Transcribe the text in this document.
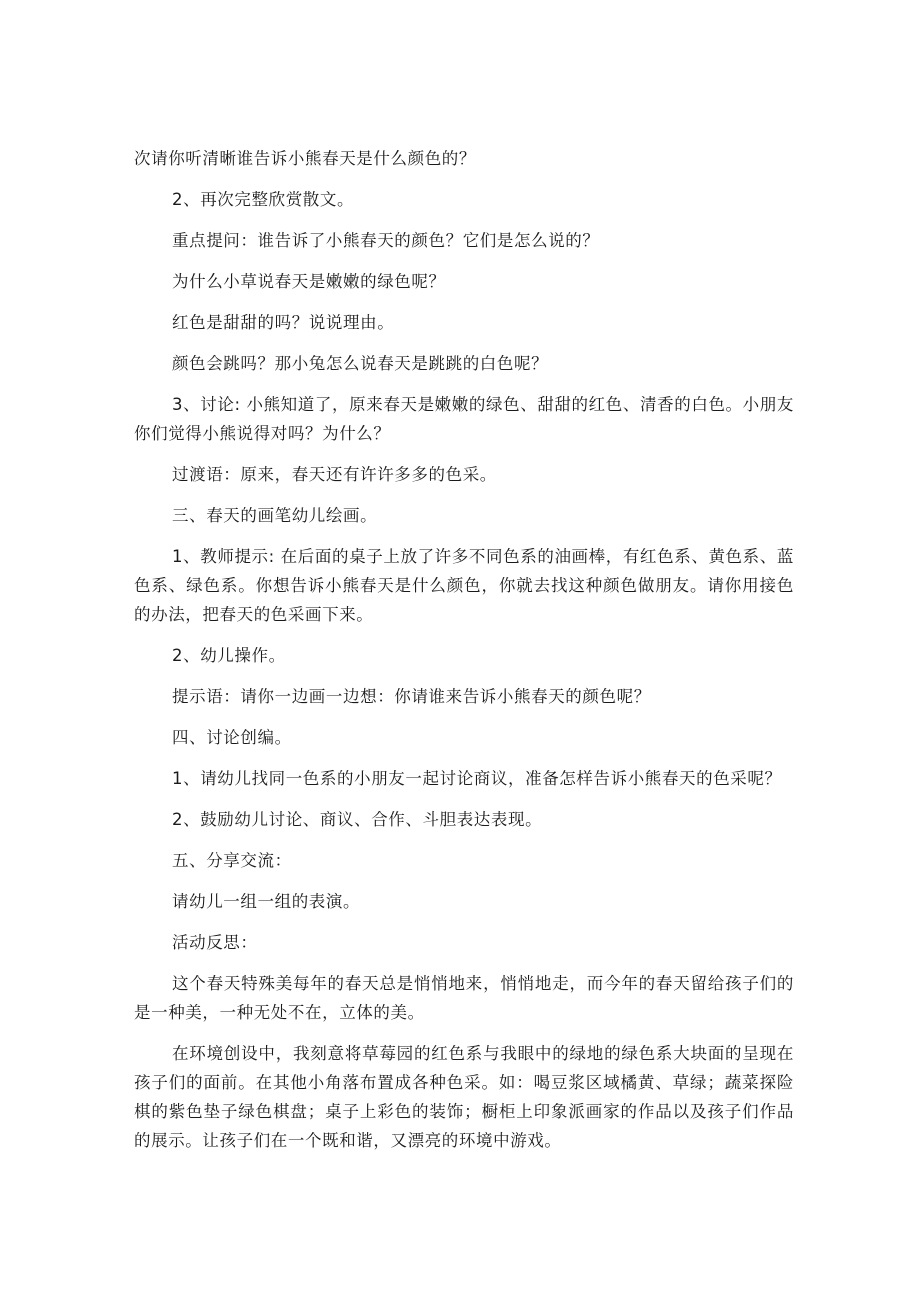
次请你听清晰谁告诉小熊春天是什么颜色的？

2、再次完整欣赏散文。

重点提问：谁告诉了小熊春天的颜色？它们是怎么说的？

为什么小草说春天是嫩嫩的绿色呢？

红色是甜甜的吗？说说理由。

颜色会跳吗？那小兔怎么说春天是跳跳的白色呢？

3、讨论: 小熊知道了，原来春天是嫩嫩的绿色、甜甜的红色、清香的白色。小朋友你们觉得小熊说得对吗？为什么？

过渡语：原来，春天还有许许多多的色采。

三、春天的画笔幼儿绘画。

1、教师提示: 在后面的桌子上放了许多不同色系的油画棒，有红色系、黄色系、蓝色系、绿色系。你想告诉小熊春天是什么颜色，你就去找这种颜色做朋友。请你用接色的办法，把春天的色采画下来。

2、幼儿操作。

提示语：请你一边画一边想：你请谁来告诉小熊春天的颜色呢？

四、讨论创编。

1、请幼儿找同一色系的小朋友一起讨论商议，准备怎样告诉小熊春天的色采呢？

2、鼓励幼儿讨论、商议、合作、斗胆表达表现。

五、分享交流：

请幼儿一组一组的表演。

活动反思：

这个春天特殊美每年的春天总是悄悄地来，悄悄地走，而今年的春天留给孩子们的是一种美，一种无处不在，立体的美。

在环境创设中，我刻意将草莓园的红色系与我眼中的绿地的绿色系大块面的呈现在孩子们的面前。在其他小角落布置成各种色采。如：喝豆浆区域橘黄、草绿；蔬菜探险棋的紫色垫子绿色棋盘；桌子上彩色的装饰；橱柜上印象派画家的作品以及孩子们作品的展示。让孩子们在一个既和谐，又漂亮的环境中游戏。
